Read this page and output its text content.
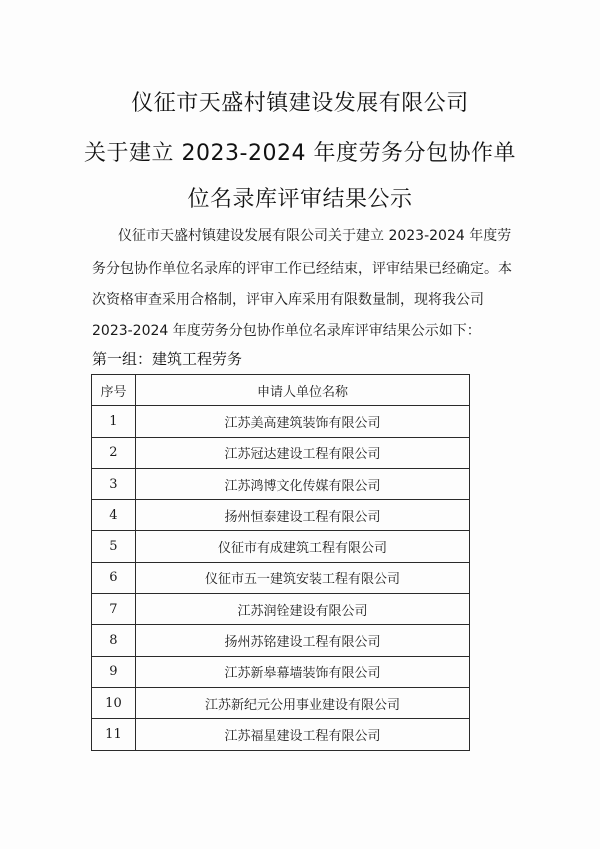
仪征市天盛村镇建设发展有限公司
关于建立 2023-2024 年度劳务分包协作单
位名录库评审结果公示
仪征市天盛村镇建设发展有限公司关于建立 2023-2024 年度劳
务分包协作单位名录库的评审工作已经结束，评审结果已经确定。本
次资格审查采用合格制，评审入库采用有限数量制，现将我公司
2023-2024 年度劳务分包协作单位名录库评审结果公示如下：
第一组：建筑工程劳务
序号	申请人单位名称
1	江苏美高建筑装饰有限公司
2	江苏冠达建设工程有限公司
3	江苏鸿博文化传媒有限公司
4	扬州恒泰建设工程有限公司
5	仪征市有成建筑工程有限公司
6	仪征市五一建筑安装工程有限公司
7	江苏润铨建设有限公司
8	扬州苏铭建设工程有限公司
9	江苏新皋幕墙装饰有限公司
10	江苏新纪元公用事业建设有限公司
11	江苏福星建设工程有限公司
